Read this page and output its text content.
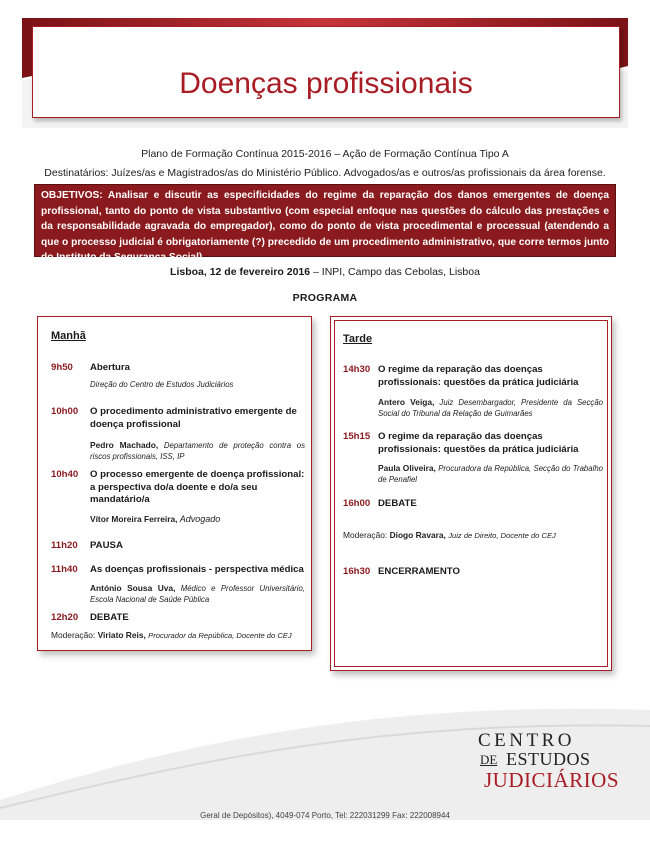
Doenças profissionais
Plano de Formação Contínua 2015-2016 – Ação de Formação Contínua Tipo A
Destinatários: Juízes/as e Magistrados/as do Ministério Público. Advogados/as e outros/as profissionais da área forense.
OBJETIVOS: Analisar e discutir as especificidades do regime da reparação dos danos emergentes de doença profissional, tanto do ponto de vista substantivo (com especial enfoque nas questões do cálculo das prestações e da responsabilidade agravada do empregador), como do ponto de vista procedimental e processual (atendendo a que o processo judicial é obrigatoriamente (?) precedido de um procedimento administrativo, que corre termos junto do Instituto da Segurança Social)
Lisboa, 12 de fevereiro 2016 – INPI, Campo das Cebolas, Lisboa
PROGRAMA
Manhã
9h50 Abertura
Direção do Centro de Estudos Judiciários
10h00 O procedimento administrativo emergente de doença profissional
Pedro Machado, Departamento de proteção contra os riscos profissionais, ISS, IP
10h40 O processo emergente de doença profissional: a perspectiva do/a doente e do/a seu mandatário/a
Vítor Moreira Ferreira, Advogado
11h20 PAUSA
11h40 As doenças profissionais - perspectiva médica
António Sousa Uva, Médico e Professor Universitário, Escola Nacional de Saúde Pública
12h20 DEBATE
Moderação: Viriato Reis, Procurador da República, Docente do CEJ
Tarde
14h30 O regime da reparação das doenças profissionais: questões da prática judiciária
Antero Veiga, Juiz Desembargador, Presidente da Secção Social do Tribunal da Relação de Guimarães
15h15 O regime da reparação das doenças profissionais: questões da prática judiciária
Paula Oliveira, Procuradora da República, Secção do Trabalho de Penafiel
16h00 DEBATE
Moderação: Diogo Ravara, Juiz de Direito, Docente do CEJ
16h30 ENCERRAMENTO
CENTRO
DE ESTUDOS
JUDICIÁRIOS
Geral de Depósitos), 4049-074 Porto, Tel: 222031299 Fax: 222008944
